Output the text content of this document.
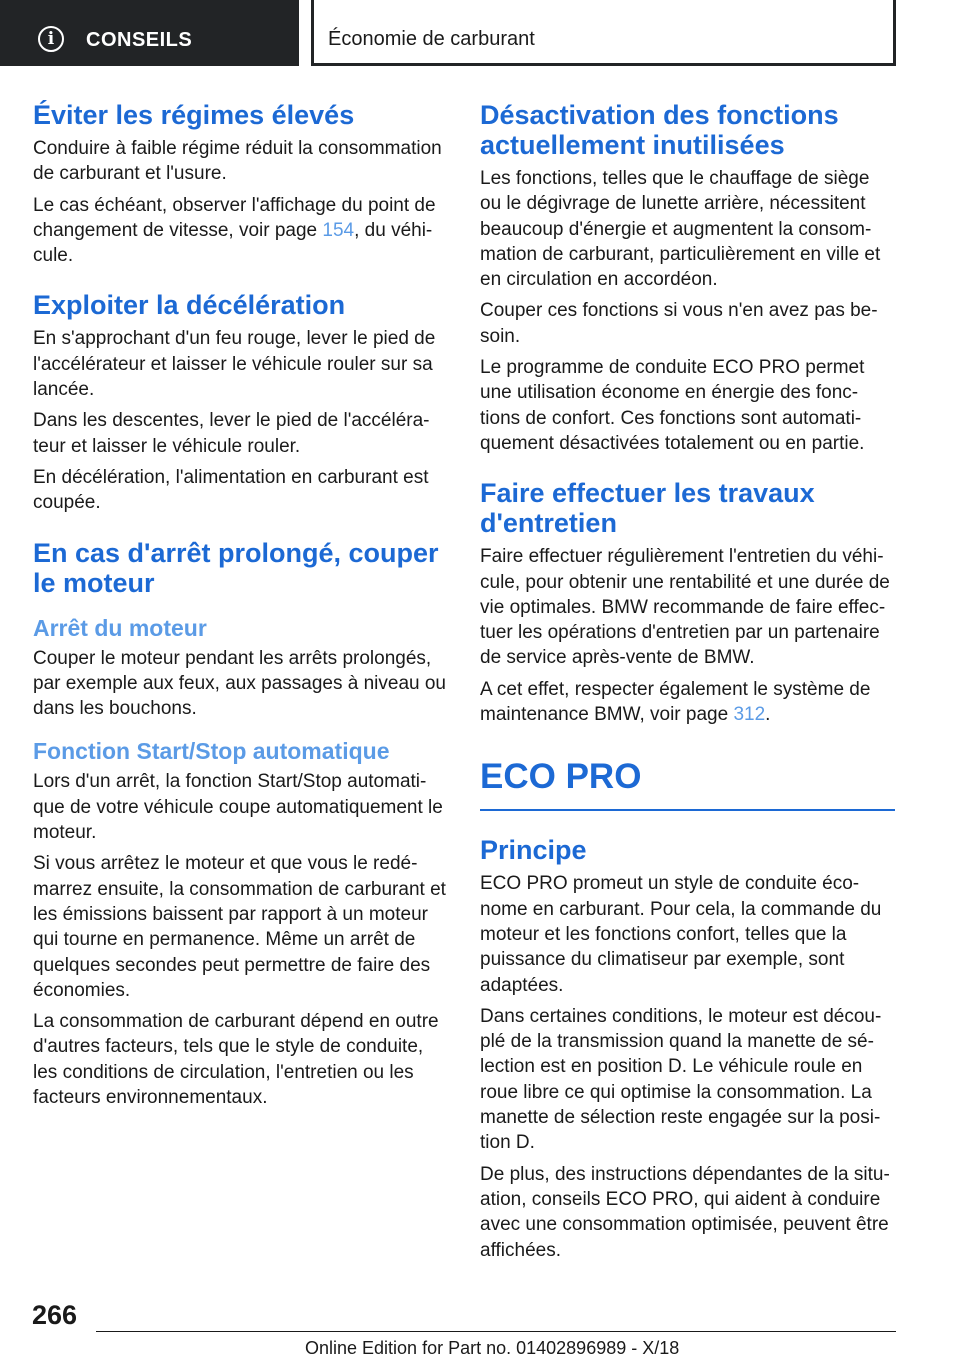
i	CONSEILS	Économie de carburant
Éviter les régimes élevés

Conduire à faible régime réduit la consommation de carburant et l'usure.

Le cas échéant, observer l'affichage du point de changement de vitesse, voir page 154, du véhi-cule.

Exploiter la décélération

En s'approchant d'un feu rouge, lever le pied de l'accélérateur et laisser le véhicule rouler sur sa lancée.

Dans les descentes, lever le pied de l'accéléra-teur et laisser le véhicule rouler.

En décélération, l'alimentation en carburant est coupée.

En cas d'arrêt prolongé, couper le moteur
Arrêt du moteur

Couper le moteur pendant les arrêts prolongés, par exemple aux feux, aux passages à niveau ou dans les bouchons.

Fonction Start/Stop automatique

Lors d'un arrêt, la fonction Start/Stop automati-que de votre véhicule coupe automatiquement le moteur.

Si vous arrêtez le moteur et que vous le redé-marrez ensuite, la consommation de carburant et les émissions baissent par rapport à un moteur qui tourne en permanence. Même un arrêt de quelques secondes peut permettre de faire des économies.

La consommation de carburant dépend en outre d'autres facteurs, tels que le style de conduite, les conditions de circulation, l'entretien ou les facteurs environnementaux.

Désactivation des fonctions actuellement inutilisées

Les fonctions, telles que le chauffage de siège ou le dégivrage de lunette arrière, nécessitent beaucoup d'énergie et augmentent la consom-mation de carburant, particulièrement en ville et en circulation en accordéon.

Couper ces fonctions si vous n'en avez pas be-soin.

Le programme de conduite ECO PRO permet une utilisation économe en énergie des fonc-tions de confort. Ces fonctions sont automati-quement désactivées totalement ou en partie.

Faire effectuer les travaux d'entretien

Faire effectuer régulièrement l'entretien du véhi-cule, pour obtenir une rentabilité et une durée de vie optimales. BMW recommande de faire effec-tuer les opérations d'entretien par un partenaire de service après-vente de BMW.

A cet effet, respecter également le système de maintenance BMW, voir page 312.

ECO PRO
Principe

ECO PRO promeut un style de conduite éco-nome en carburant. Pour cela, la commande du moteur et les fonctions confort, telles que la puissance du climatiseur par exemple, sont adaptées.

Dans certaines conditions, le moteur est décou-plé de la transmission quand la manette de sé-lection est en position D. Le véhicule roule en roue libre ce qui optimise la consommation. La manette de sélection reste engagée sur la posi-tion D.

De plus, des instructions dépendantes de la situ-ation, conseils ECO PRO, qui aident à conduire avec une consommation optimisée, peuvent être affichées.

266
Online Edition for Part no. 01402896989 - X/18
